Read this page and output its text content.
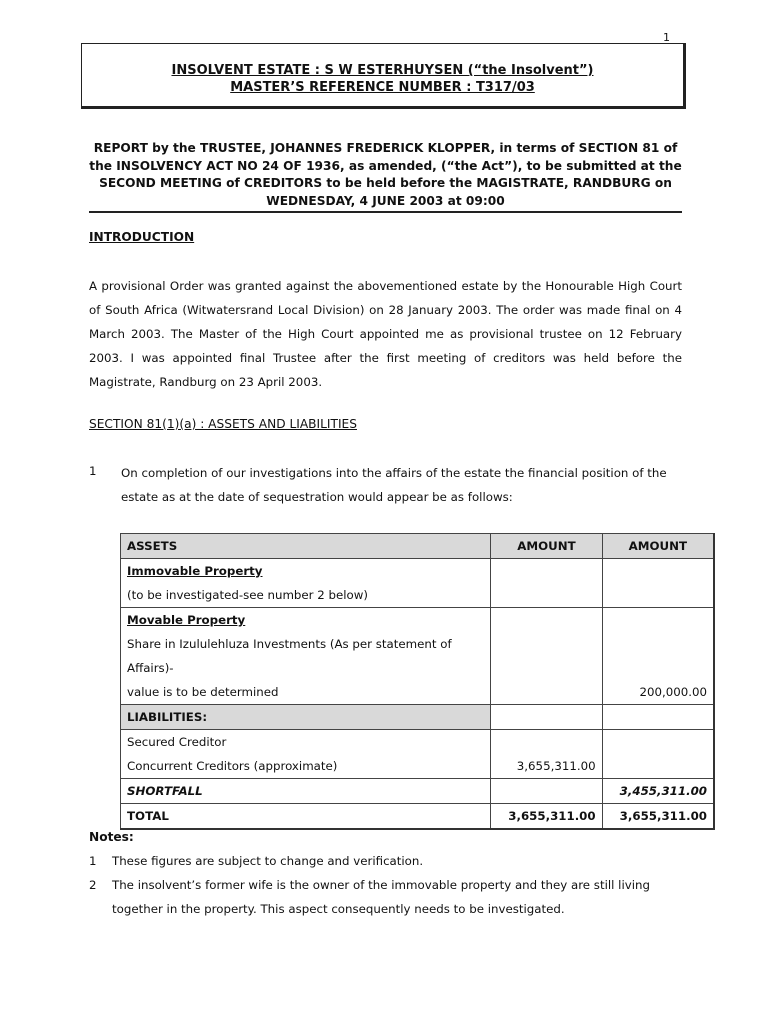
1
INSOLVENT ESTATE : S W ESTERHUYSEN (“the Insolvent”)
MASTER’S REFERENCE NUMBER : T317/03
REPORT by the TRUSTEE, JOHANNES FREDERICK KLOPPER, in terms of SECTION 81 of the INSOLVENCY ACT NO 24 OF 1936, as amended, (“the Act”), to be submitted at the SECOND MEETING of CREDITORS to be held before the MAGISTRATE, RANDBURG on WEDNESDAY, 4 JUNE 2003 at 09:00
INTRODUCTION
A provisional Order was granted against the abovementioned estate by the Honourable High Court of South Africa (Witwatersrand Local Division) on 28 January 2003. The order was made final on 4 March 2003. The Master of the High Court appointed me as provisional trustee on 12 February 2003. I was appointed final Trustee after the first meeting of creditors was held before the Magistrate, Randburg on 23 April 2003.
SECTION 81(1)(a) : ASSETS AND LIABILITIES
1 On completion of our investigations into the affairs of the estate the financial position of the estate as at the date of sequestration would appear be as follows:
ASSETS	AMOUNT	AMOUNT

Immovable Property
(to be investigated-see number 2 below)		

Movable Property
Share in Izululehluza Investments (As per statement of Affairs)-
value is to be determined		200,000.00
LIABILITIES:		

Secured Creditor
Concurrent Creditors (approximate)	3,655,311.00	
SHORTFALL		3,455,311.00
TOTAL	3,655,311.00	3,655,311.00
Notes:
1	These figures are subject to change and verification.
2	The insolvent’s former wife is the owner of the immovable property and they are still living together in the property. This aspect consequently needs to be investigated.
